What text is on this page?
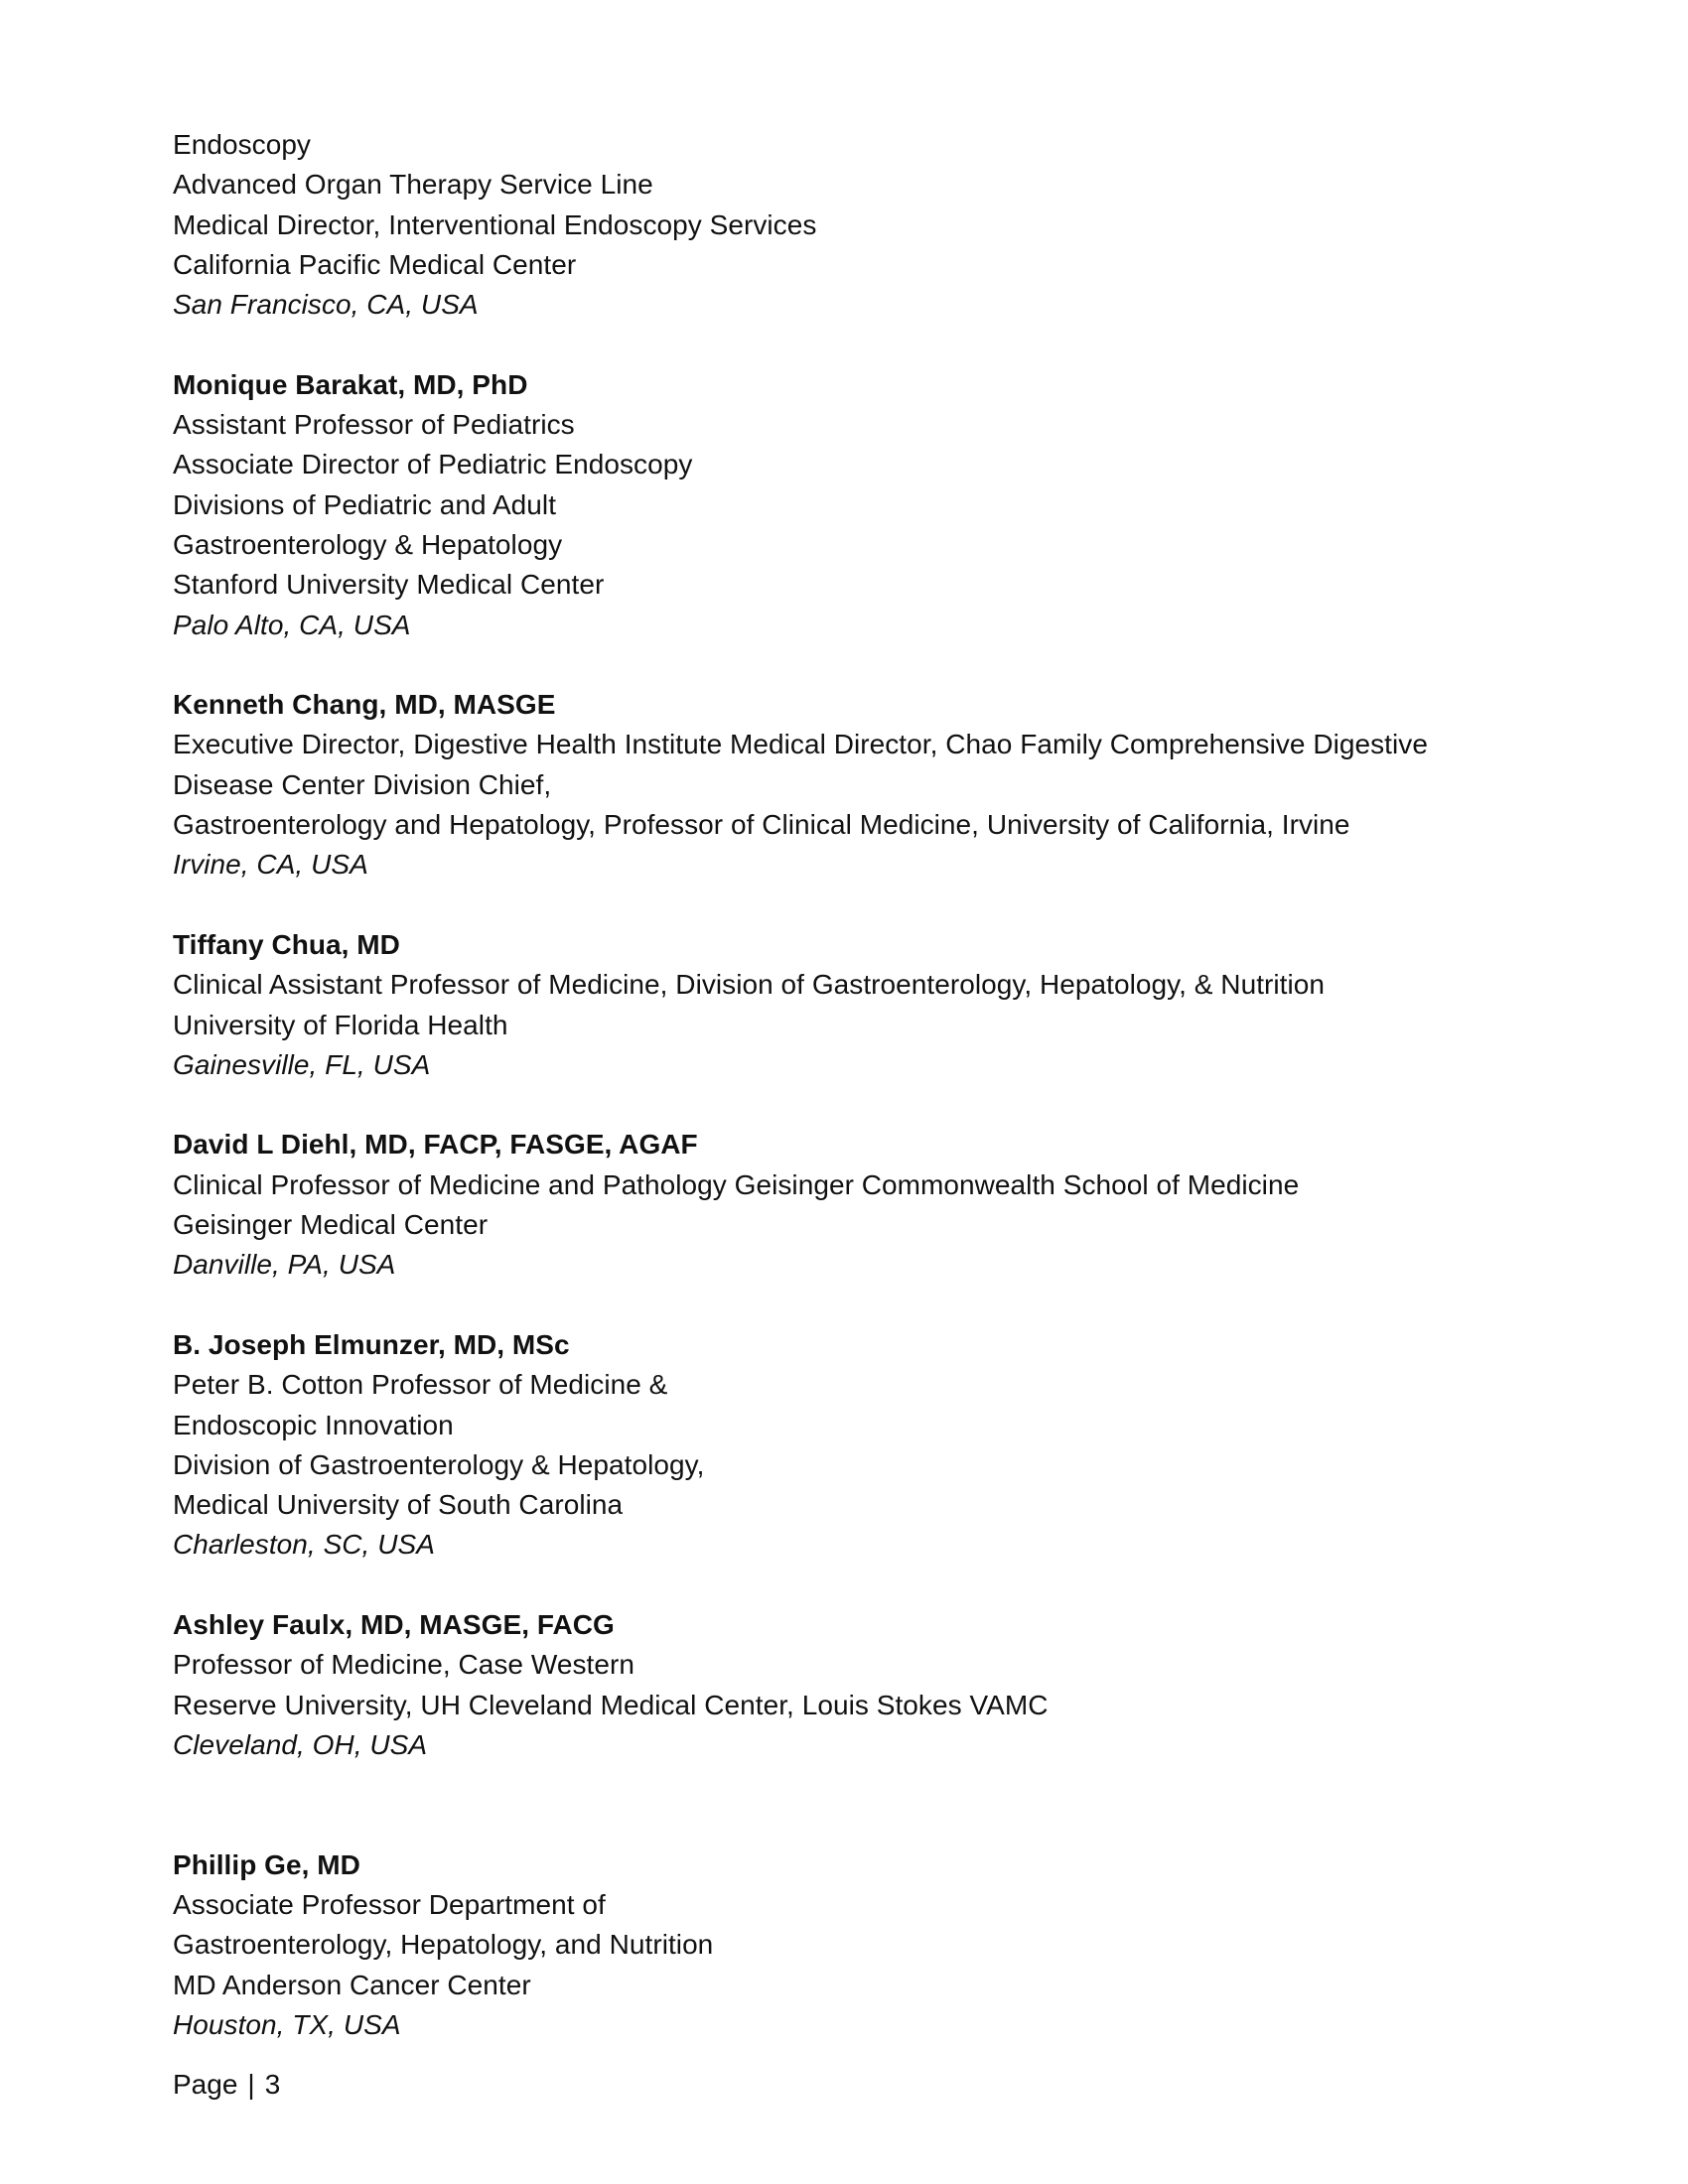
Endoscopy

Advanced Organ Therapy Service Line

Medical Director, Interventional Endoscopy Services

California Pacific Medical Center

San Francisco, CA, USA

Monique Barakat, MD, PhD

Assistant Professor of Pediatrics

Associate Director of Pediatric Endoscopy

Divisions of Pediatric and Adult

Gastroenterology & Hepatology

Stanford University Medical Center

Palo Alto, CA, USA

Kenneth Chang, MD, MASGE

Executive Director, Digestive Health Institute Medical Director, Chao Family Comprehensive Digestive

Disease Center Division Chief,

Gastroenterology and Hepatology, Professor of Clinical Medicine, University of California, Irvine

Irvine, CA, USA

Tiffany Chua, MD

Clinical Assistant Professor of Medicine, Division of Gastroenterology, Hepatology, & Nutrition

University of Florida Health

Gainesville, FL, USA

David L Diehl, MD, FACP, FASGE, AGAF

Clinical Professor of Medicine and Pathology Geisinger Commonwealth School of Medicine

Geisinger Medical Center

Danville, PA, USA

B. Joseph Elmunzer, MD, MSc

Peter B. Cotton Professor of Medicine &

Endoscopic Innovation

Division of Gastroenterology & Hepatology,

Medical University of South Carolina

Charleston, SC, USA

Ashley Faulx, MD, MASGE, FACG

Professor of Medicine, Case Western

Reserve University, UH Cleveland Medical Center, Louis Stokes VAMC

Cleveland, OH, USA

Phillip Ge, MD

Associate Professor Department of

Gastroenterology, Hepatology, and Nutrition

MD Anderson Cancer Center

Houston, TX, USA

Page | 3
